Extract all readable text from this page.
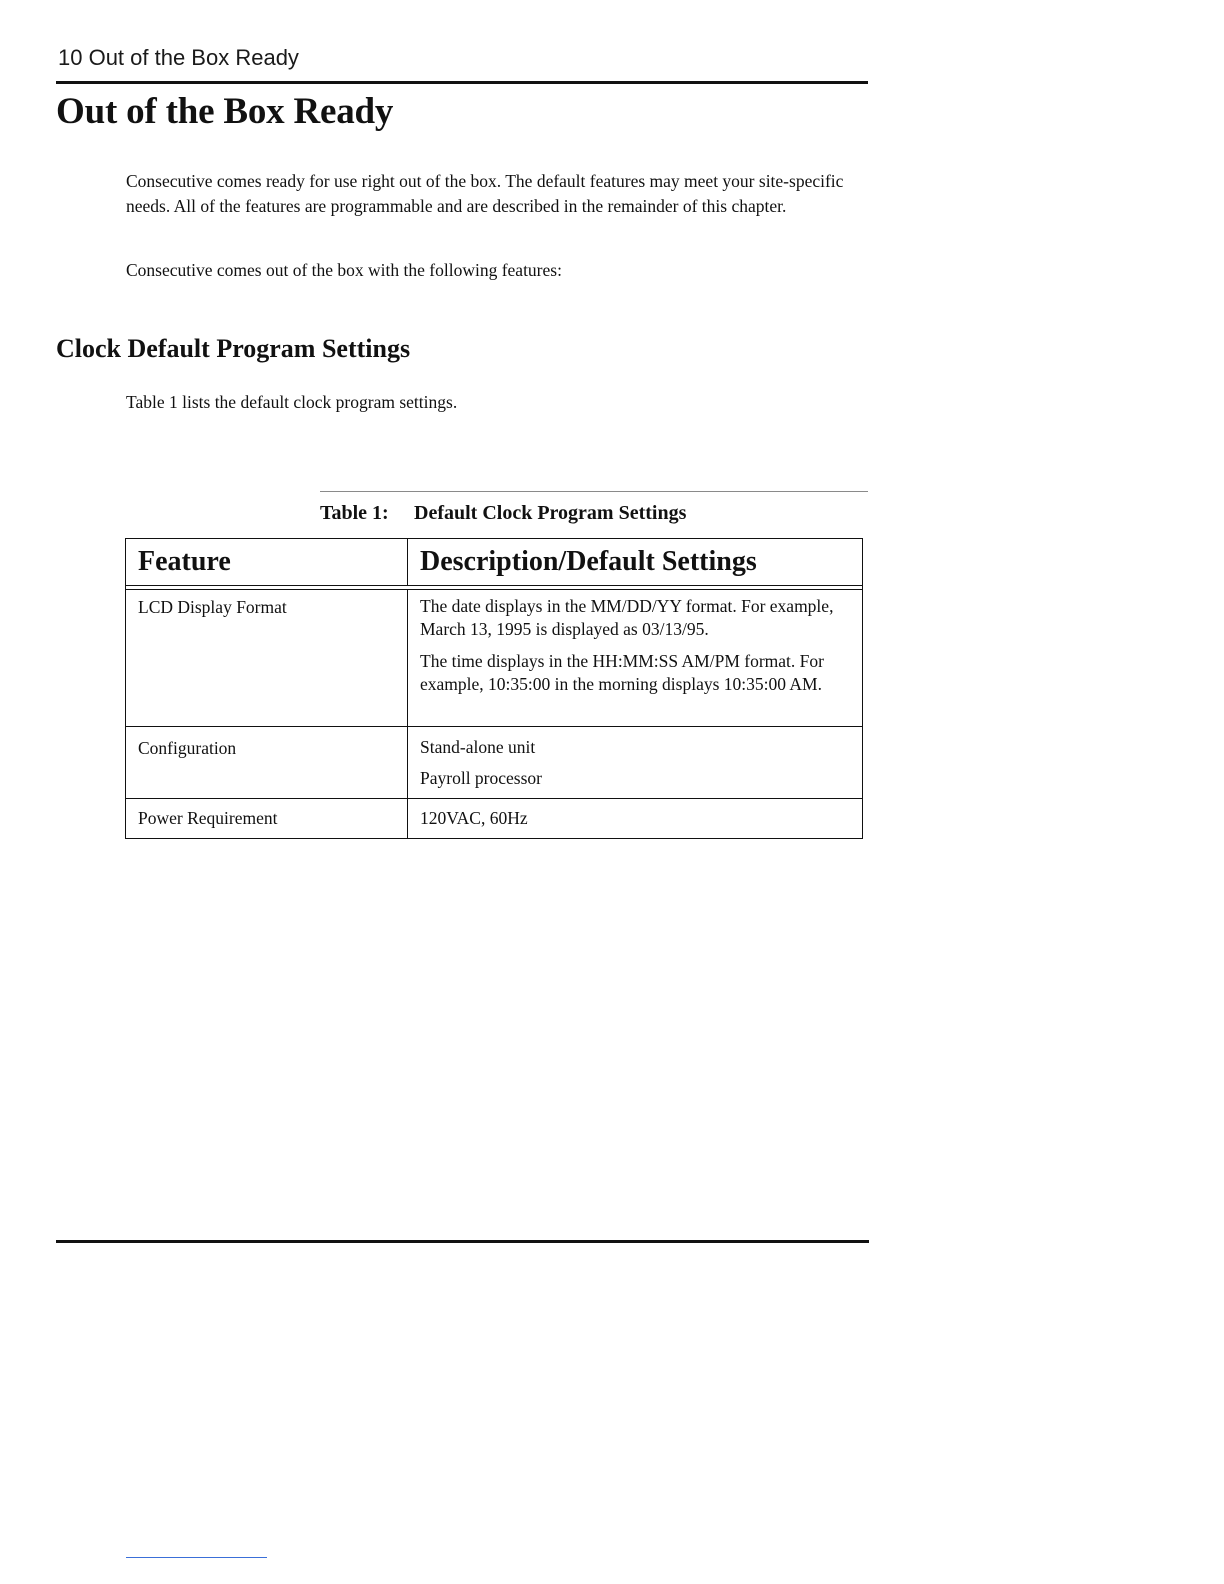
10 Out of the Box Ready
Out of the Box Ready

Consecutive comes ready for use right out of the box. The default features may meet your site-specific needs. All of the features are programmable and are described in the remainder of this chapter.

Consecutive comes out of the box with the following features:

Clock Default Program Settings

Table 1 lists the default clock program settings.

Table 1: Default Clock Program Settings
Feature	Description/Default Settings
LCD Display Format	The date displays in the MM/DD/YY format. For example, March 13, 1995 is displayed as 03/13/95.

The time displays in the HH:MM:SS AM/PM format. For example, 10:35:00 in the morning displays 10:35:00 AM.

Configuration	Stand-alone unit

Payroll processor

Power Requirement	120VAC, 60Hz
